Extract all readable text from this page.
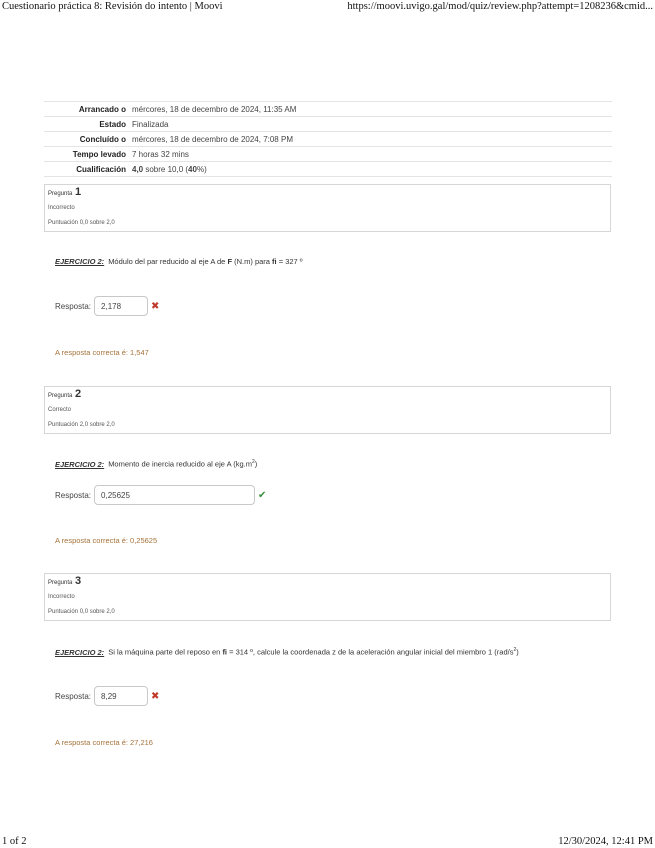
Cuestionario práctica 8: Revisión do intento | Moovi	https://moovi.uvigo.gal/mod/quiz/review.php?attempt=1208236&cmid...
Arrancado o	mércores, 18 de decembro de 2024, 11:35 AM
Estado	Finalizada
Concluído o	mércores, 18 de decembro de 2024, 7:08 PM
Tempo levado	7 horas 32 mins
Cualificación	4,0 sobre 10,0 (40%)
Pregunta 1
Incorrecto
Puntuación 0,0 sobre 2,0
EJERCICIO 2: Módulo del par reducido al eje A de F (N.m) para fi = 327 º
Resposta:	2,178	✖
A resposta correcta é: 1,547
Pregunta 2
Correcto
Puntuación 2,0 sobre 2,0
EJERCICIO 2: Momento de inercia reducido al eje A $(kg.m^2)$
Resposta:	0,25625	✔
A resposta correcta é: 0,25625
Pregunta 3
Incorrecto
Puntuación 0,0 sobre 2,0
EJERCICIO 2: Si la máquina parte del reposo en fi = 314 º, calcule la coordenada z de la aceleración angular inicial del miembro 1 $(rad/s^2)$
Resposta:	8,29	✖
A resposta correcta é: 27,216
1 of 2	12/30/2024, 12:41 PM
